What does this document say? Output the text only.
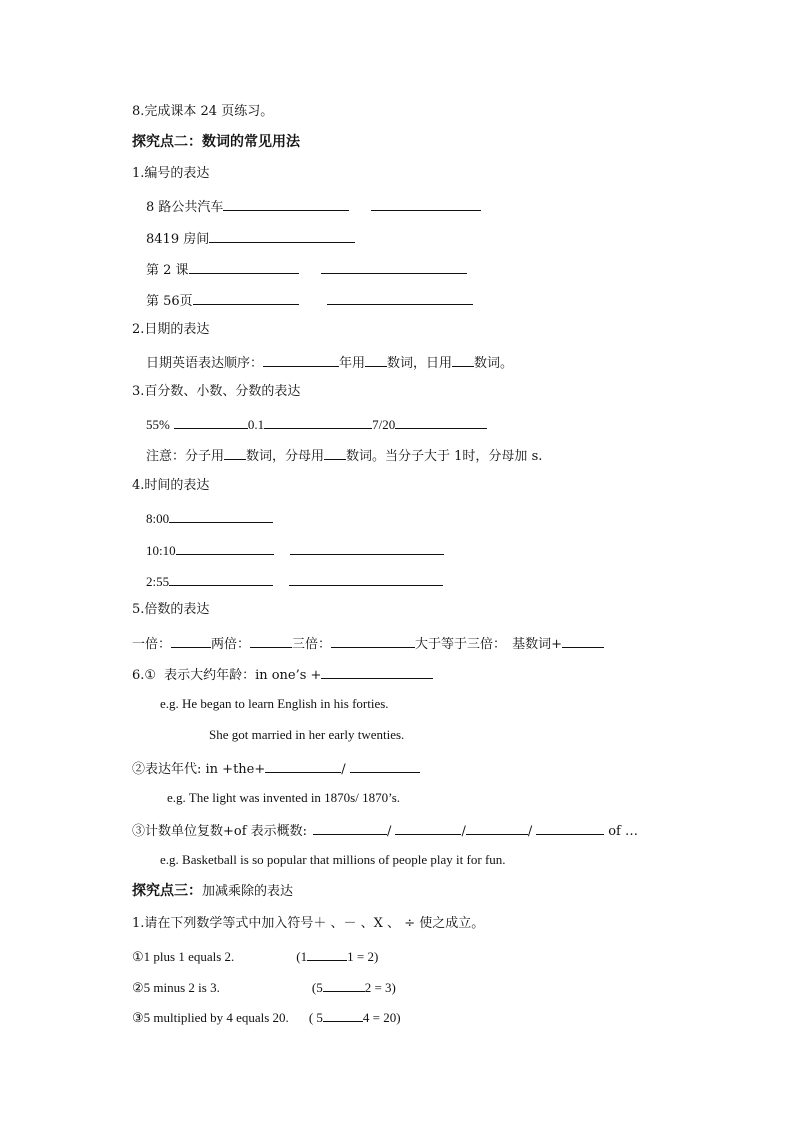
8.完成课本 24 页练习。
探究点二：数词的常见用法
1.编号的表达
8 路公共汽车
8419 房间
第 2 课
第 56页
2.日期的表达
日期英语表达顺序：	年用 数词，日用 数词。
3.百分数、小数、分数的表达
55%	0.1	7/20
注意：分子用 数词，分母用 数词。当分子大于 1时，分母加 s.
4.时间的表达
8:00
10:10
2:55
5.倍数的表达
一倍：	两倍：	三倍：	大于等于三倍： 基数词+
6.① 表示大约年龄：in one’s +
e.g. He began to learn English in his forties.
She got married in her early twenties.
②表达年代: in +the+	/
e.g. The light was invented in 1870s/ 1870’s.
③计数单位复数+of 表示概数:	/	/	/	of …
e.g. Basketball is so popular that millions of people play it for fun.
探究点三：加减乘除的表达
1.请在下列数学等式中加入符号＋ 、－ 、X 、 ÷ 使之成立。
①1 plus 1 equals 2.	(1	1 = 2)
②5 minus 2 is 3.	(5	2 = 3)
③5 multiplied by 4 equals 20. ( 5	4 = 20)
